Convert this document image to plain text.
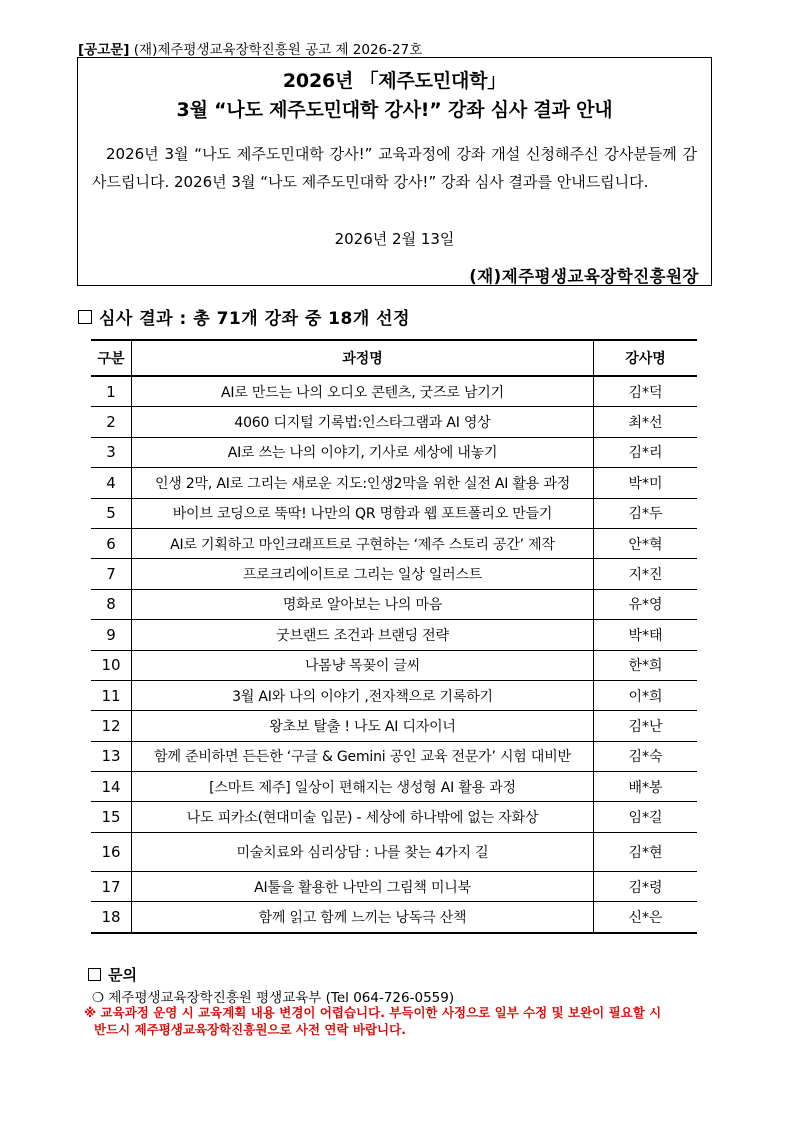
[공고문] (재)제주평생교육장학진흥원 공고 제 2026-27호
2026년 「제주도민대학」
3월 “나도 제주도민대학 강사!” 강좌 심사 결과 안내

2026년 3월 “나도 제주도민대학 강사!” 교육과정에 강좌 개설 신청해주신 강사분들께 감사드립니다. 2026년 3월 “나도 제주도민대학 강사!” 강좌 심사 결과를 안내드립니다.

2026년 2월 13일
(재)제주평생교육장학진흥원장
심사 결과 : 총 71개 강좌 중 18개 선정
구분	과정명	강사명
1	AI로 만드는 나의 오디오 콘텐츠, 굿즈로 남기기	김*덕
2	4060 디지털 기록법:인스타그램과 AI 영상	최*선
3	AI로 쓰는 나의 이야기, 기사로 세상에 내놓기	김*리
4	인생 2막, AI로 그리는 새로운 지도:인생2막을 위한 실전 AI 활용 과정	박*미
5	바이브 코딩으로 뚝딱! 나만의 QR 명함과 웹 포트폴리오 만들기	김*두
6	AI로 기획하고 마인크래프트로 구현하는 ‘제주 스토리 공간’ 제작	안*혁
7	프로크리에이트로 그리는 일상 일러스트	지*진
8	명화로 알아보는 나의 마음	유*영
9	굿브랜드 조건과 브랜딩 전략	박*태
10	나몸냥 목꽂이 글씨	한*희
11	3월 AI와 나의 이야기 ,전자책으로 기록하기	이*희
12	왕초보 탈출 ! 나도 AI 디자이너	김*난
13	함께 준비하면 든든한 ‘구글 & Gemini 공인 교육 전문가’ 시험 대비반	김*숙
14	[스마트 제주] 일상이 편해지는 생성형 AI 활용 과정	배*봉
15	나도 피카소(현대미술 입문) - 세상에 하나밖에 없는 자화상	임*길
16	미술치료와 심리상담 : 나를 찾는 4가지 길	김*현
17	AI툴을 활용한 나만의 그림책 미니북	김*령
18	함께 읽고 함께 느끼는 낭독극 산책	신*은
문의
❍ 제주평생교육장학진흥원 평생교육부 (Tel 064-726-0559)
※ 교육과정 운영 시 교육계획 내용 변경이 어렵습니다. 부득이한 사정으로 일부 수정 및 보완이 필요할 시
반드시 제주평생교육장학진흥원으로 사전 연락 바랍니다.
